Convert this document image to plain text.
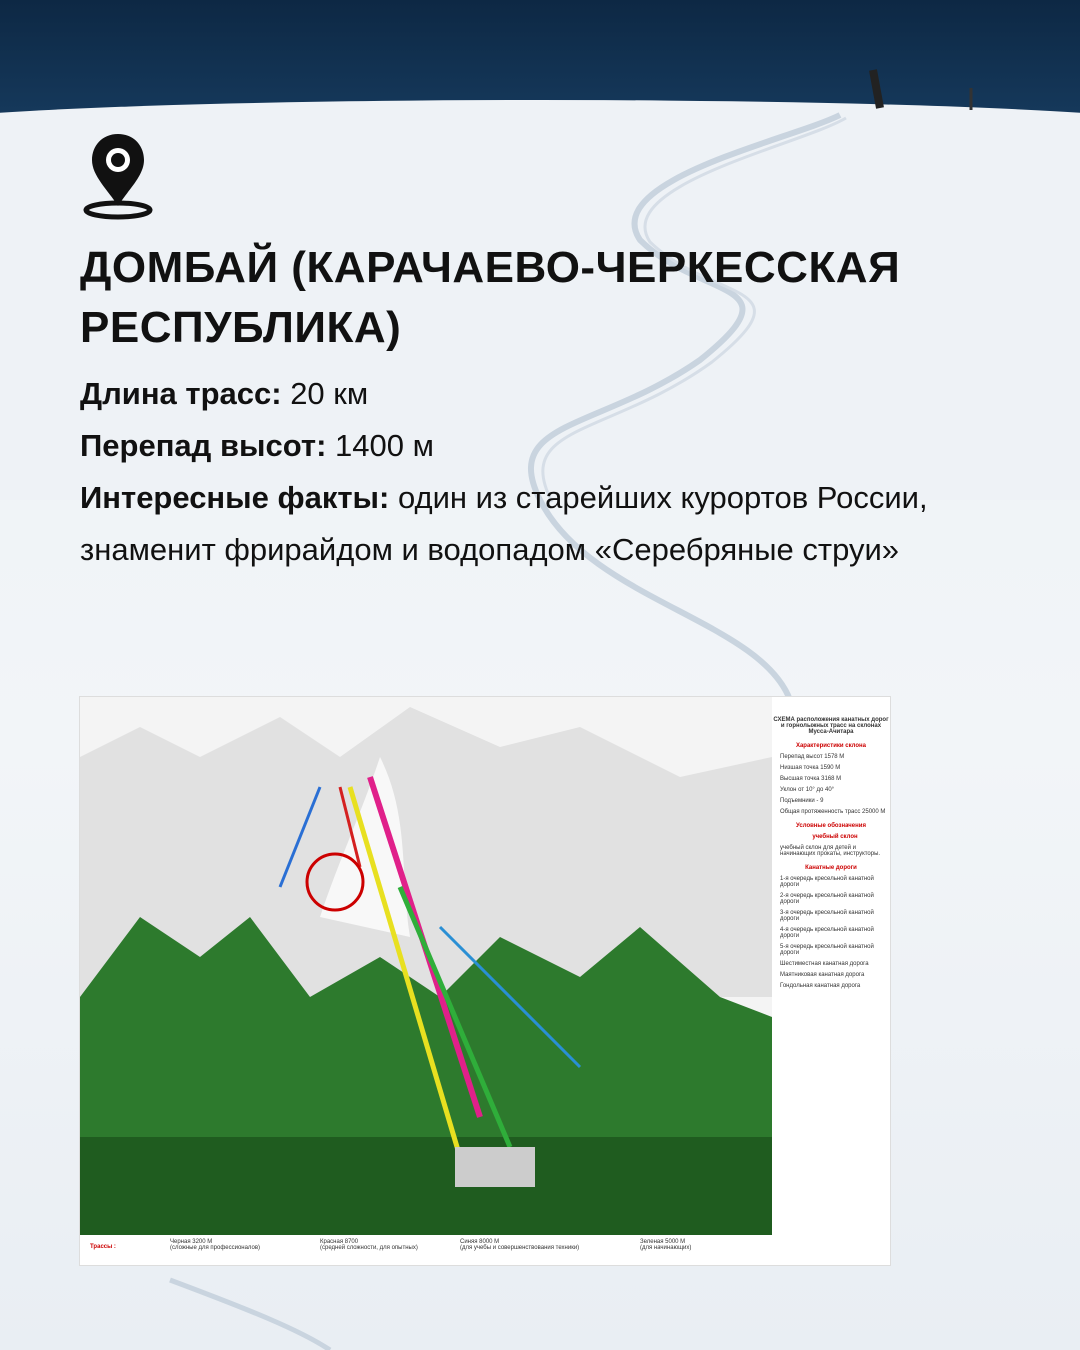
ДОМБАЙ (КАРАЧАЕВО-ЧЕРКЕССКАЯ РЕСПУБЛИКА)
Длина трасс: 20 км
Перепад высот: 1400 м
Интересные факты: один из старейших курортов России, знаменит фрирайдом и водопадом «Серебряные струи»
СХЕМА расположения канатных дорог и горнолыжных трасс на склонах Мусса-Ачитара
Характеристики склона
Перепад высот 1578 М
Низшая точка 1590 М
Высшая точка 3168 М
Уклон от 10° до 40°
Подъемники - 9
Общая протяженность трасс 25000 М
Условные обозначения
учебный склон
учебный склон для детей и начинающих прокаты, инструкторы.
Канатные дороги
1-я очередь кресельной канатной дороги
2-я очередь кресельной канатной дороги
3-я очередь кресельной канатной дороги
4-я очередь кресельной канатной дороги
5-я очередь кресельной канатной дороги
Шестиместная канатная дорога
Маятниковая канатная дорога
Гондольная канатная дорога
Трассы :
Черная 3200 М
(сложные для профессионалов)
Красная 8700
(средней сложности, для опытных)
Синяя 8000 М
(для учебы и совершенствования техники)
Зеленая 5000 М
(для начинающих)
